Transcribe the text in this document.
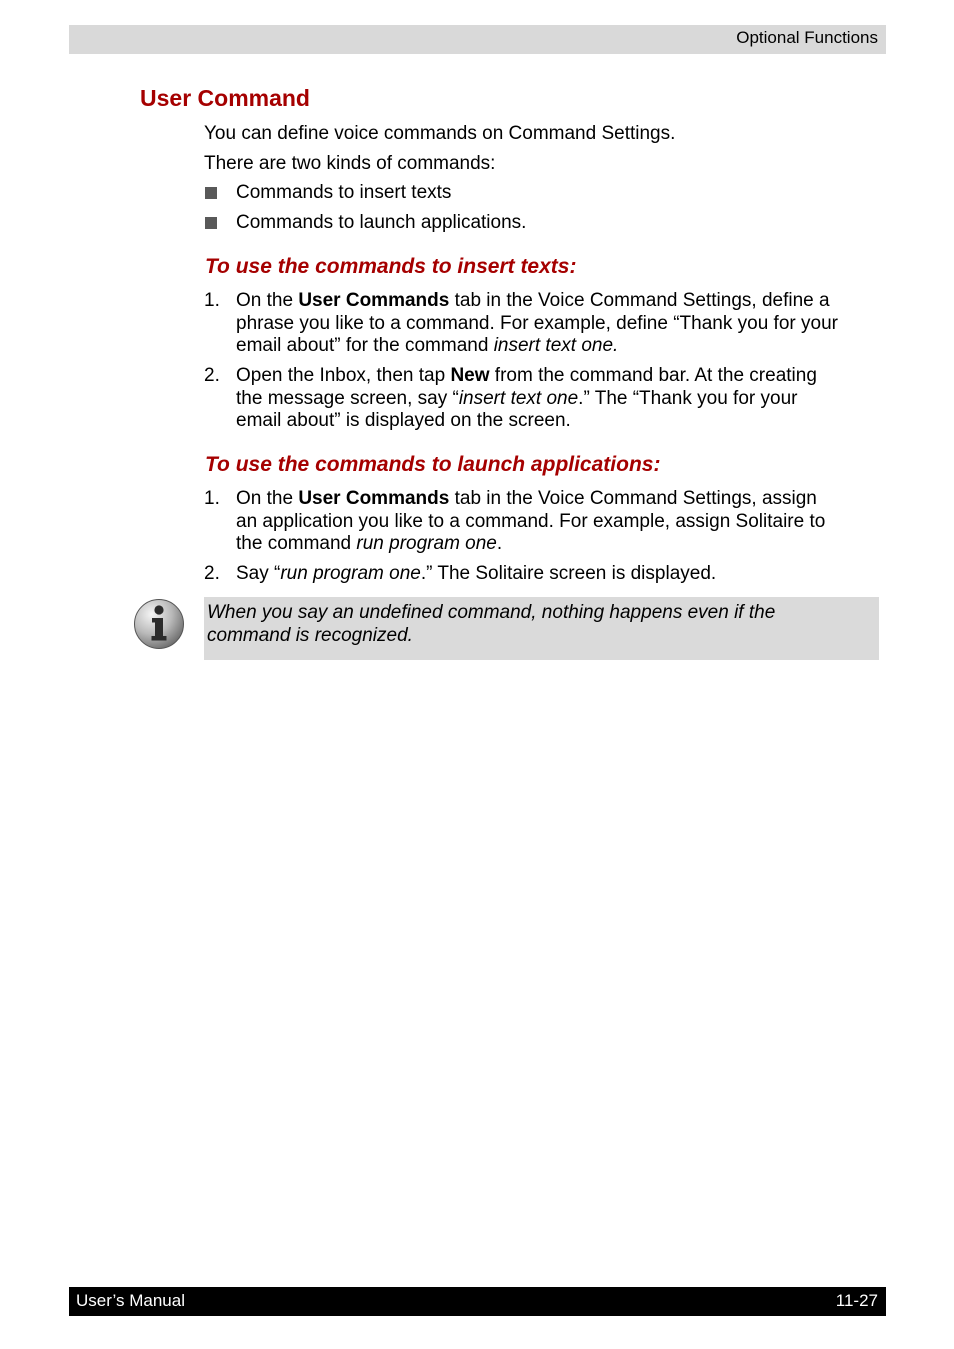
Optional Functions
User Command

You can define voice commands on Command Settings.

There are two kinds of commands:

Commands to insert texts
Commands to launch applications.
To use the commands to insert texts:
1. On the User Commands tab in the Voice Command Settings, define a
phrase you like to a command. For example, define “Thank you for your
email about” for the command insert text one.
2. Open the Inbox, then tap New from the command bar. At the creating
the message screen, say “insert text one.” The “Thank you for your
email about” is displayed on the screen.
To use the commands to launch applications:
1. On the User Commands tab in the Voice Command Settings, assign
an application you like to a command. For example, assign Solitaire to
the command run program one.
2. Say “run program one.” The Solitaire screen is displayed.
When you say an undefined command, nothing happens even if the
command is recognized.
User’s Manual	11-27
